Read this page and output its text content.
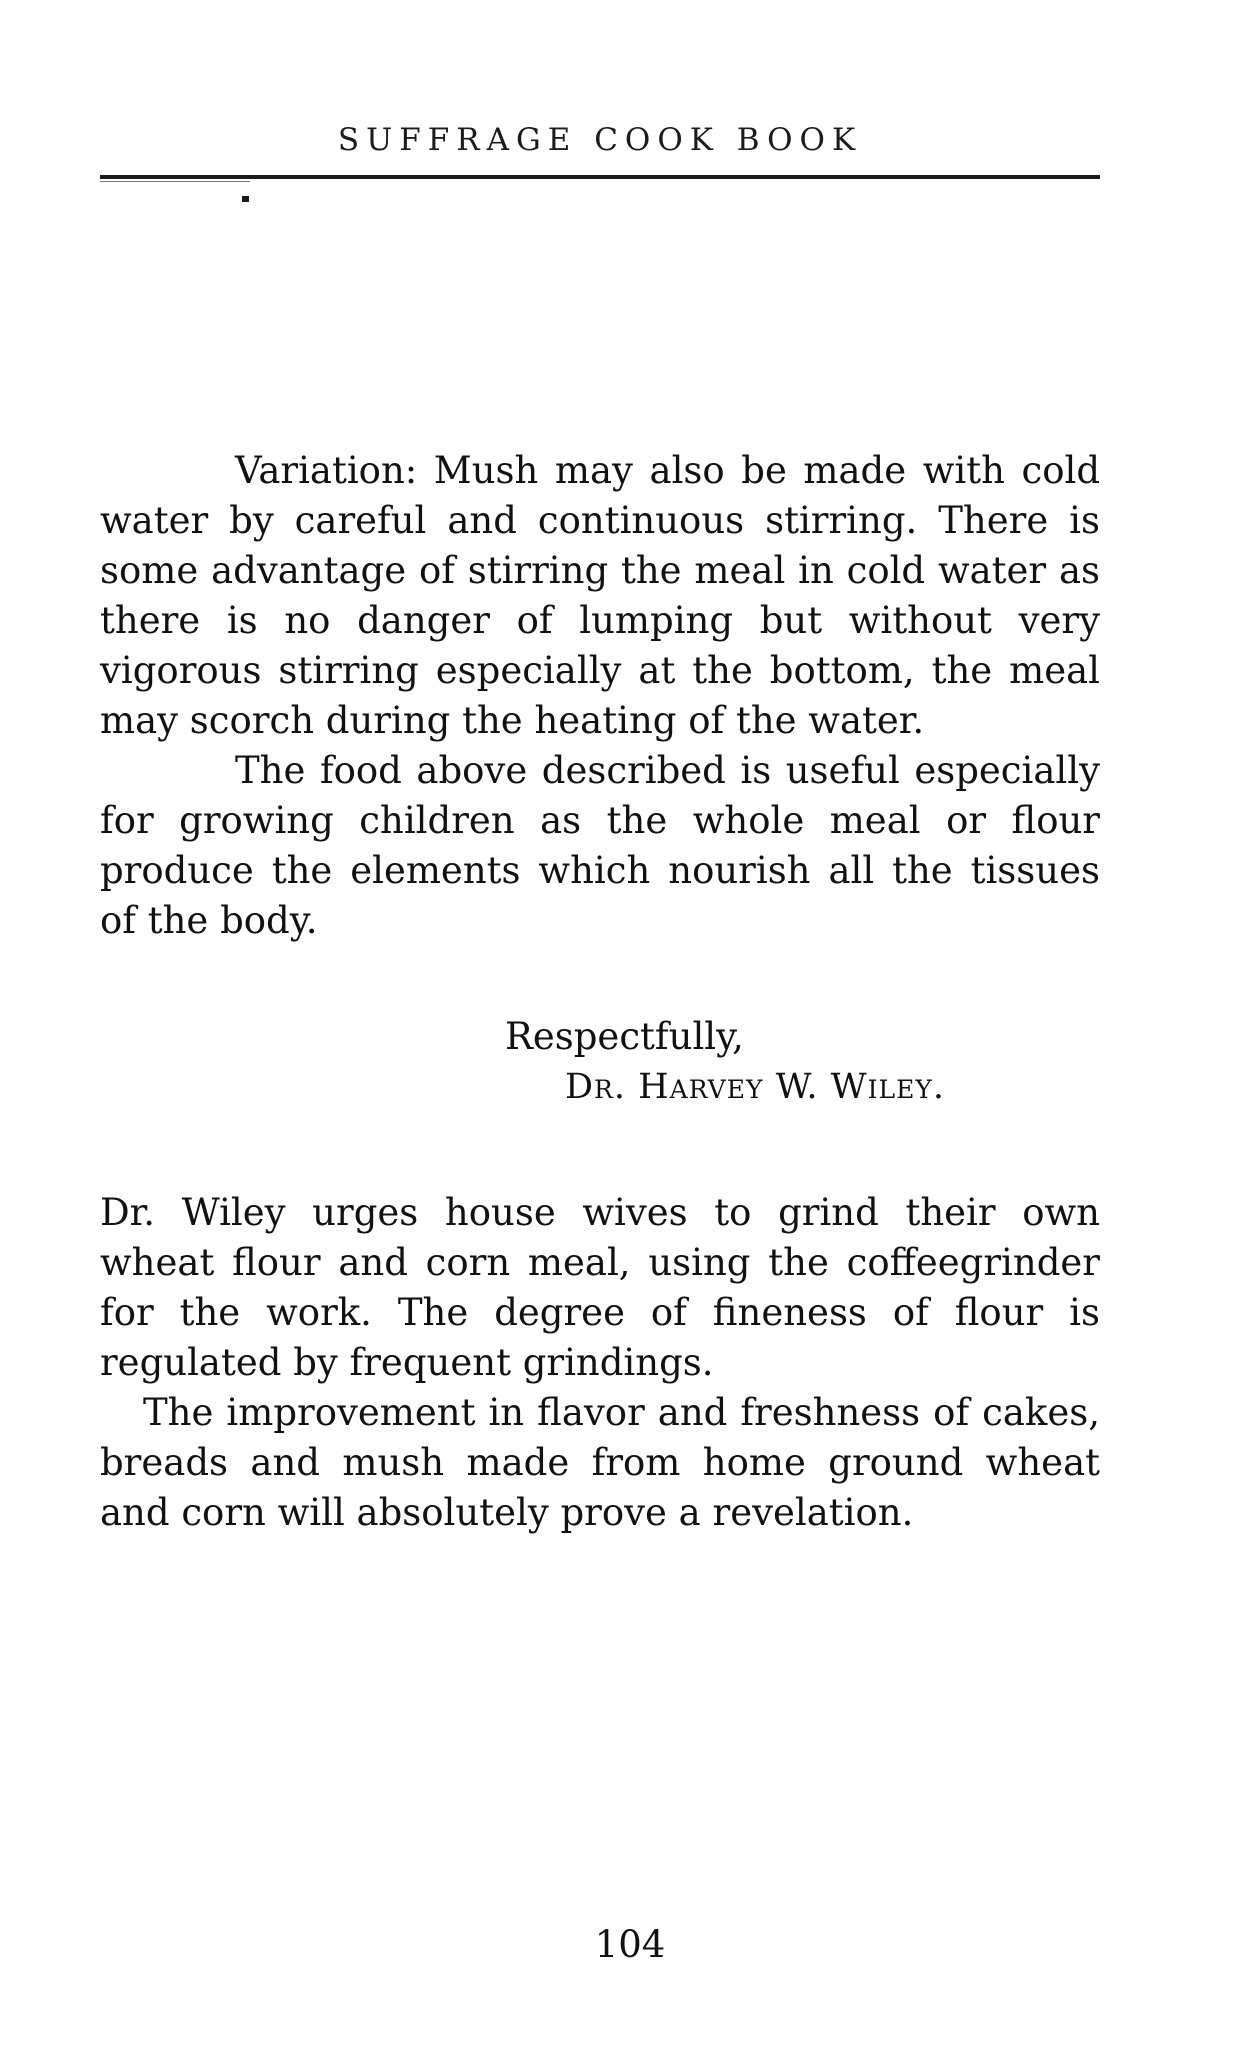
SUFFRAGE COOK BOOK

Variation: Mush may also be made with cold water by careful and continuous stirring. There is some advantage of stirring the meal in cold water as there is no danger of lumping but without very vigorous stirring especially at the bottom, the meal may scorch during the heating of the water.

The food above described is useful especially for growing children as the whole meal or flour produce the elements which nourish all the tissues of the body.

Respectfully,
Dr. Harvey W. Wiley.

Dr. Wiley urges house wives to grind their own wheat flour and corn meal, using the coffeegrinder for the work. The degree of fineness of flour is regulated by frequent grindings.

The improvement in flavor and freshness of cakes, breads and mush made from home ground wheat and corn will absolutely prove a revelation.

104
